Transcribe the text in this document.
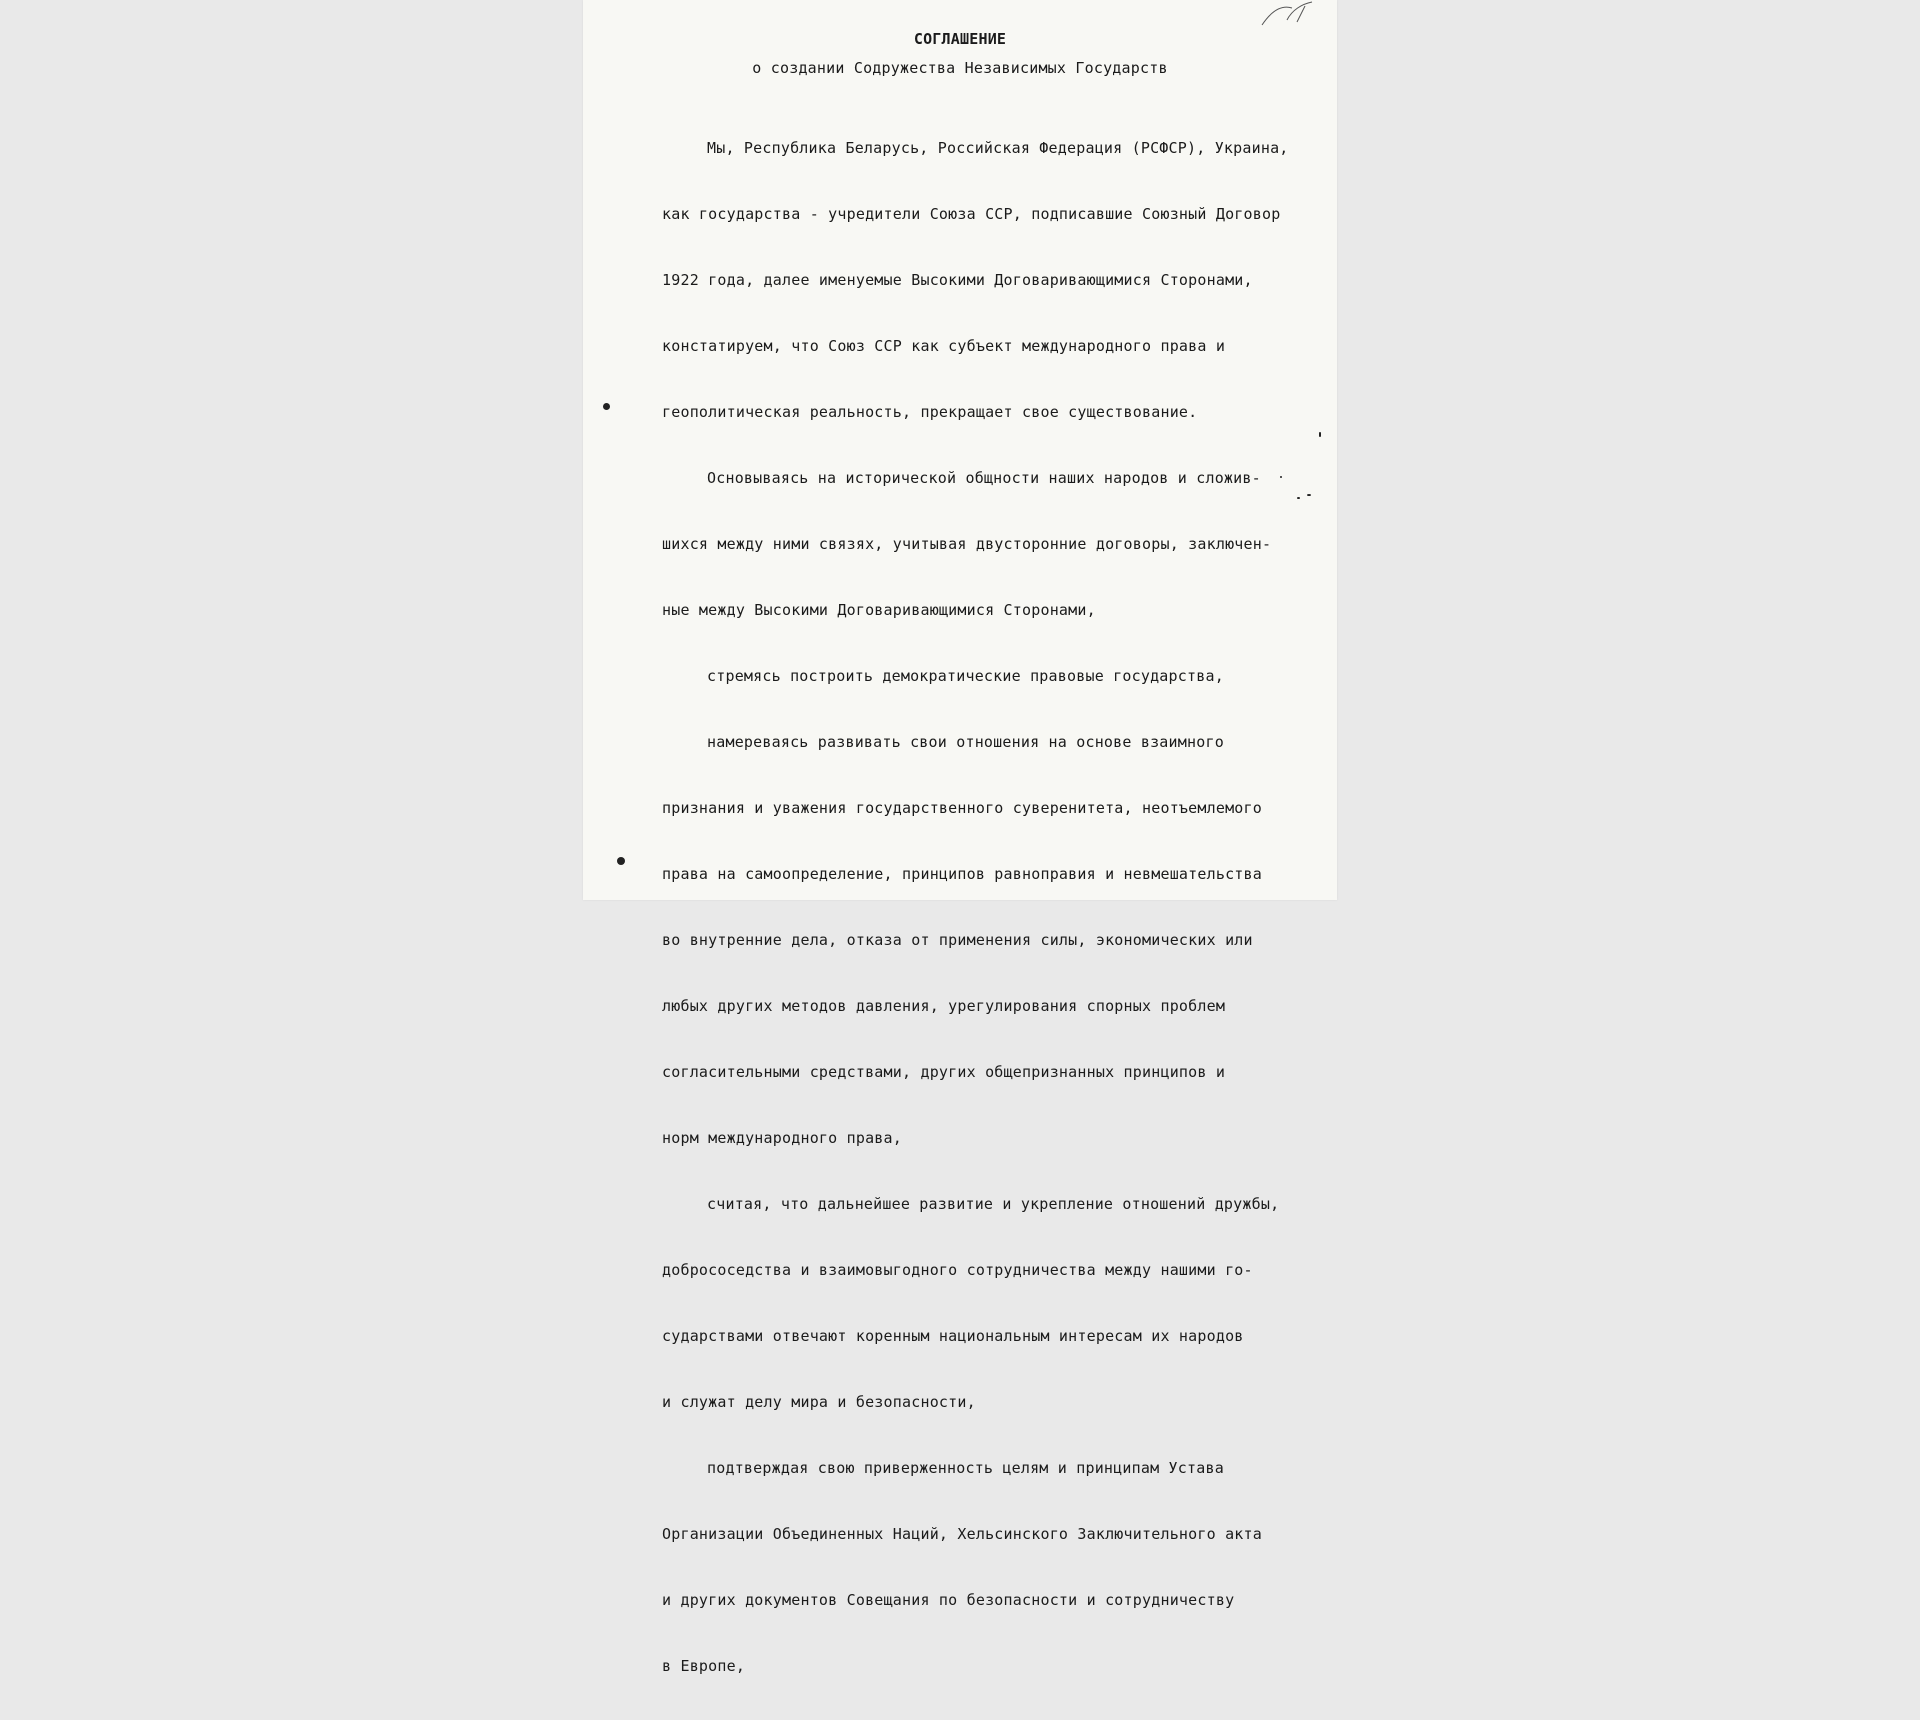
СОГЛАШЕНИЕ
о создании Содружества Независимых Государств

Мы, Республика Беларусь, Российская Федерация (РСФСР), Украина,

как государства - учредители Союза ССР, подписавшие Союзный Договор

1922 года, далее именуемые Высокими Договаривающимися Сторонами,

констатируем, что Союз ССР как субъект международного права и

геополитическая реальность, прекращает свое существование.

Основываясь на исторической общности наших народов и сложив-

шихся между ними связях, учитывая двусторонние договоры, заключен-

ные между Высокими Договаривающимися Сторонами,

стремясь построить демократические правовые государства,

намереваясь развивать свои отношения на основе взаимного

признания и уважения государственного суверенитета, неотъемлемого

права на самоопределение, принципов равноправия и невмешательства

во внутренние дела, отказа от применения силы, экономических или

любых других методов давления, урегулирования спорных проблем

согласительными средствами, других общепризнанных принципов и

норм международного права,

считая, что дальнейшее развитие и укрепление отношений дружбы,

добрососедства и взаимовыгодного сотрудничества между нашими го-

сударствами отвечают коренным национальным интересам их народов

и служат делу мира и безопасности,

подтверждая свою приверженность целям и принципам Устава

Организации Объединенных Наций, Хельсинского Заключительного акта

и других документов Совещания по безопасности и сотрудничеству

в Европе,
